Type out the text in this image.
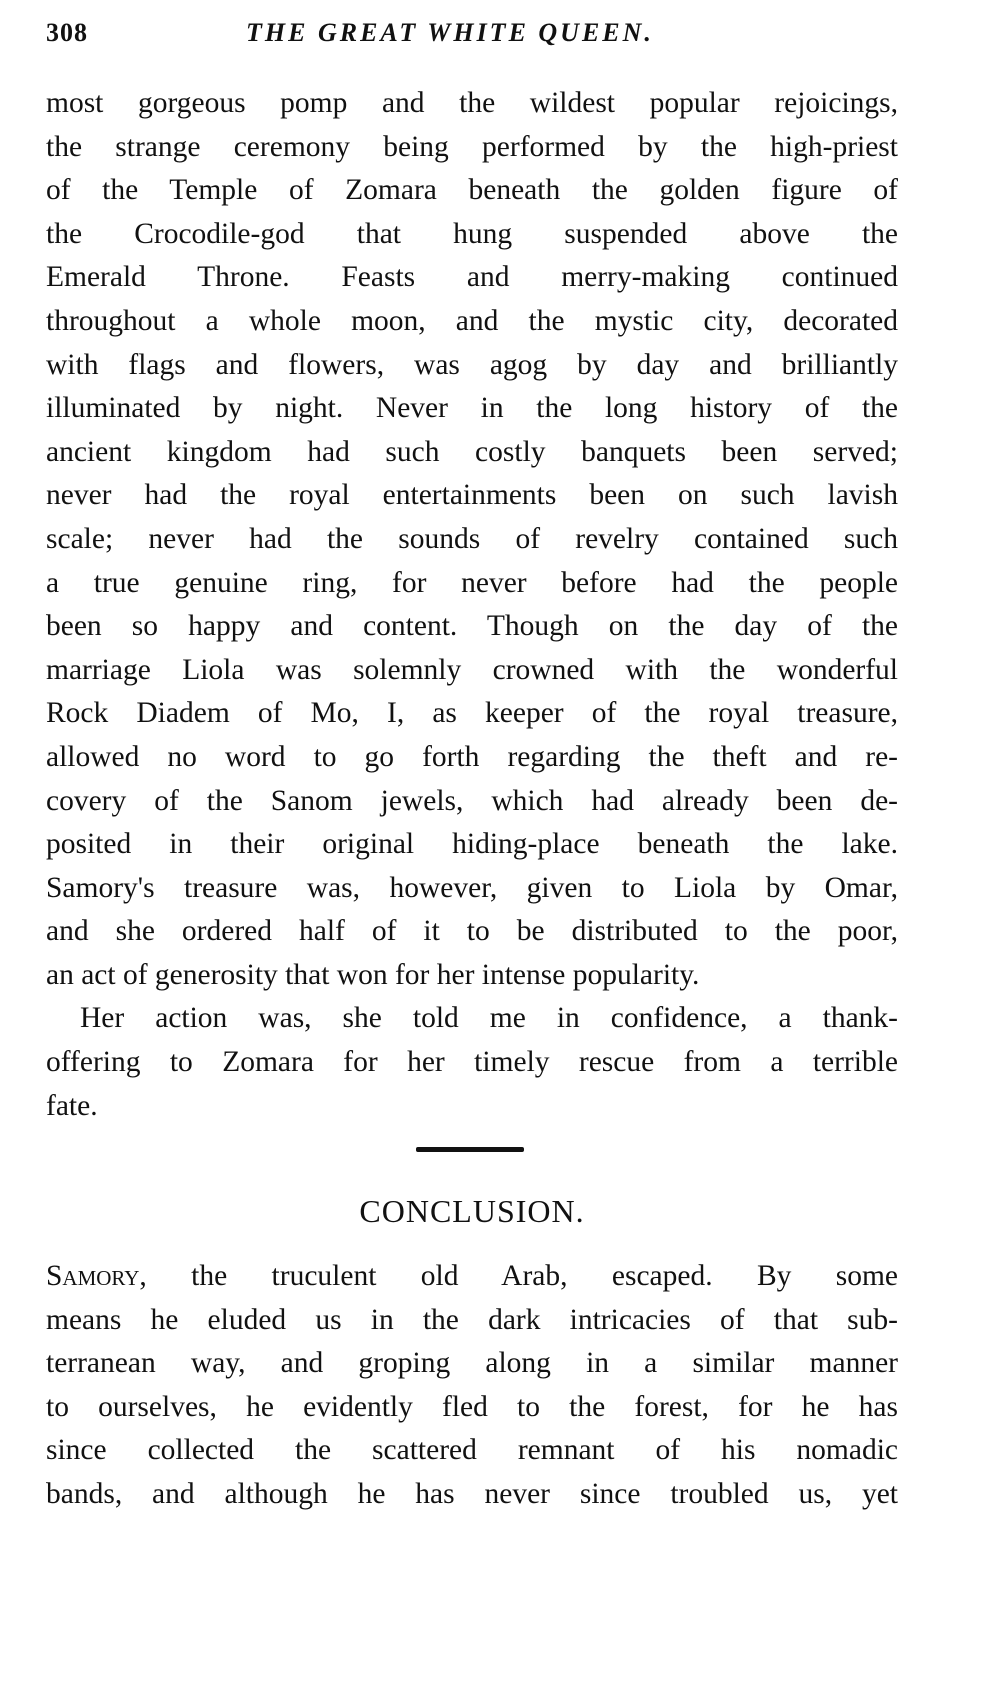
308	THE GREAT WHITE QUEEN.
most gorgeous pomp and the wildest popular rejoicings,
the strange ceremony being performed by the high-priest
of the Temple of Zomara beneath the golden figure of
the Crocodile-god that hung suspended above the
Emerald Throne. Feasts and merry-making continued
throughout a whole moon, and the mystic city, decorated
with flags and flowers, was agog by day and brilliantly
illuminated by night. Never in the long history of the
ancient kingdom had such costly banquets been served;
never had the royal entertainments been on such lavish
scale; never had the sounds of revelry contained such
a true genuine ring, for never before had the people
been so happy and content. Though on the day of the
marriage Liola was solemnly crowned with the wonderful
Rock Diadem of Mo, I, as keeper of the royal treasure,
allowed no word to go forth regarding the theft and re-
covery of the Sanom jewels, which had already been de-
posited in their original hiding-place beneath the lake.
Samory's treasure was, however, given to Liola by Omar,
and she ordered half of it to be distributed to the poor,
an act of generosity that won for her intense popularity.
Her action was, she told me in confidence, a thank-
offering to Zomara for her timely rescue from a terrible
fate.
CONCLUSION.
Samory, the truculent old Arab, escaped. By some
means he eluded us in the dark intricacies of that sub-
terranean way, and groping along in a similar manner
to ourselves, he evidently fled to the forest, for he has
since collected the scattered remnant of his nomadic
bands, and although he has never since troubled us, yet
